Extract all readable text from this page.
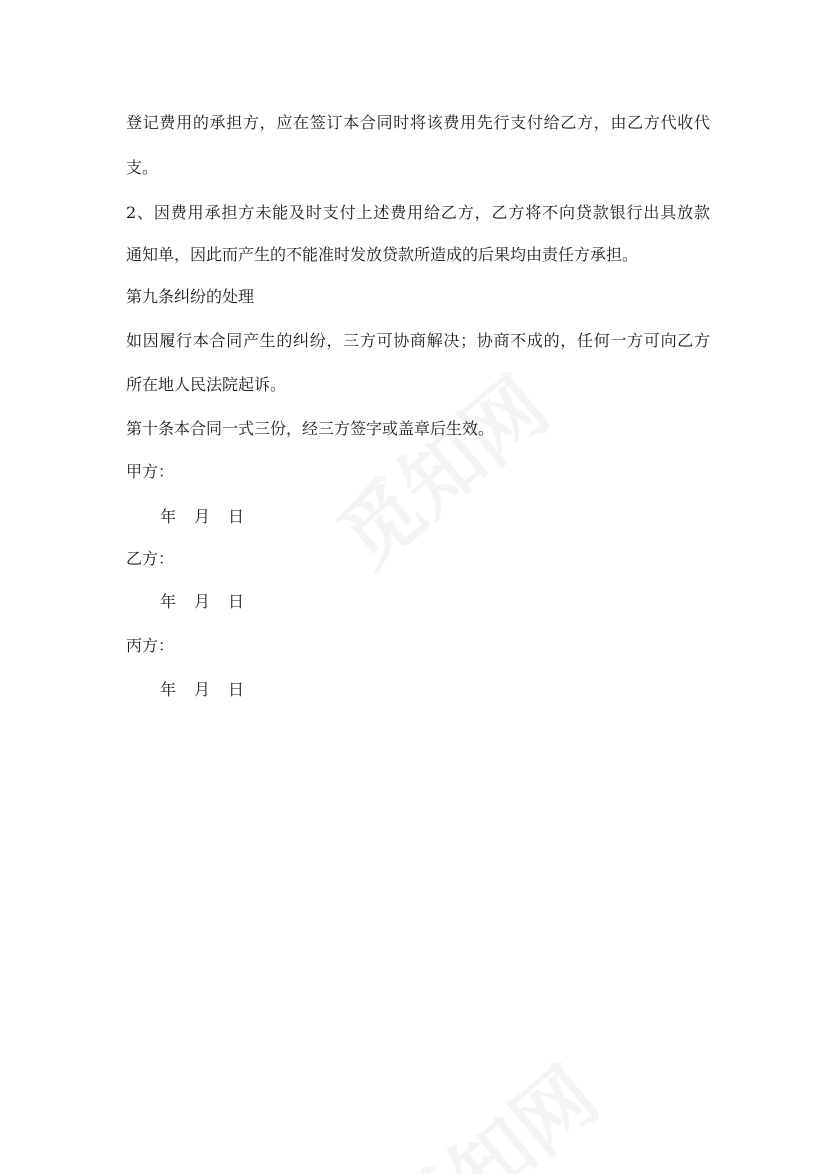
登记费用的承担方，应在签订本合同时将该费用先行支付给乙方，由乙方代收代
支。
2、因费用承担方未能及时支付上述费用给乙方，乙方将不向贷款银行出具放款
通知单，因此而产生的不能准时发放贷款所造成的后果均由责任方承担。
第九条纠纷的处理
如因履行本合同产生的纠纷，三方可协商解决；协商不成的，任何一方可向乙方
所在地人民法院起诉。
第十条本合同一式三份，经三方签字或盖章后生效。
甲方：
年 月 日
乙方：
年 月 日
丙方：
年 月 日
